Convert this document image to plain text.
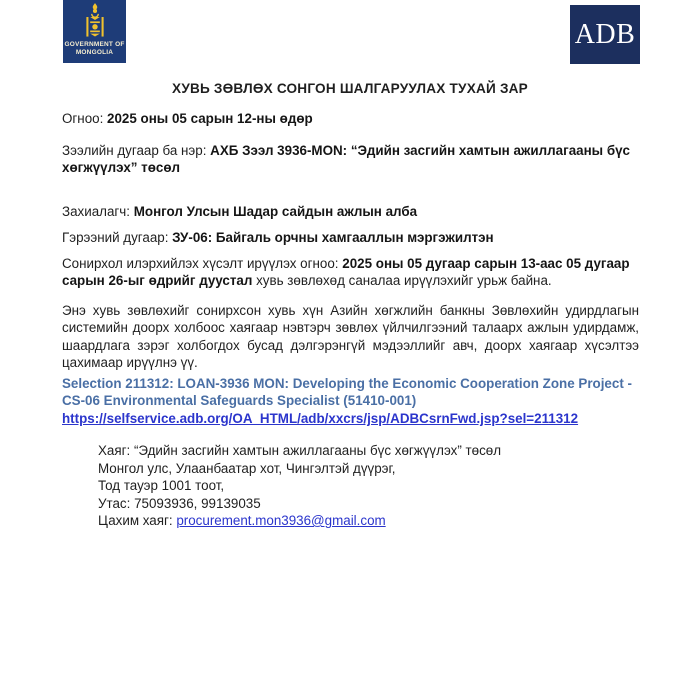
GOVERNMENT OF
MONGOLIA
ADB
ХУВЬ ЗӨВЛӨХ СОНГОН ШАЛГАРУУЛАХ ТУХАЙ ЗАР

Огноо: 2025 оны 05 сарын 12-ны өдөр

Зээлийн дугаар ба нэр: АХБ Зээл 3936-MON: “Эдийн засгийн хамтын ажиллагааны бүс хөгжүүлэх” төсөл

Захиалагч: Монгол Улсын Шадар сайдын ажлын алба

Гэрээний дугаар: ЗУ-06: Байгаль орчны хамгааллын мэргэжилтэн

Сонирхол илэрхийлэх хүсэлт ирүүлэх огноо: 2025 оны 05 дугаар сарын 13-аас 05 дугаар сарын 26-ыг өдрийг дуустал хувь зөвлөхөд саналаа ирүүлэхийг урьж байна.

Энэ хувь зөвлөхийг сонирхсон хувь хүн Азийн хөгжлийн банкны Зөвлөхийн удирдлагын системийн доорх холбоос хаягаар нэвтэрч зөвлөх үйлчилгээний талаарх ажлын удирдамж, шаардлага зэрэг холбогдох бусад дэлгэрэнгүй мэдээллийг авч, доорх хаягаар хүсэлтээ цахимаар ирүүлнэ үү.

Selection 211312: LOAN-3936 MON: Developing the Economic Cooperation Zone Project - CS-06 Environmental Safeguards Specialist (51410-001)
https://selfservice.adb.org/OA_HTML/adb/xxcrs/jsp/ADBCsrnFwd.jsp?sel=211312

Хаяг: “Эдийн засгийн хамтын ажиллагааны бүс хөгжүүлэх” төсөл
Монгол улс, Улаанбаатар хот, Чингэлтэй дүүрэг,
Тод тауэр 1001 тоот,
Утас: 75093936, 99139035
Цахим хаяг: procurement.mon3936@gmail.com
